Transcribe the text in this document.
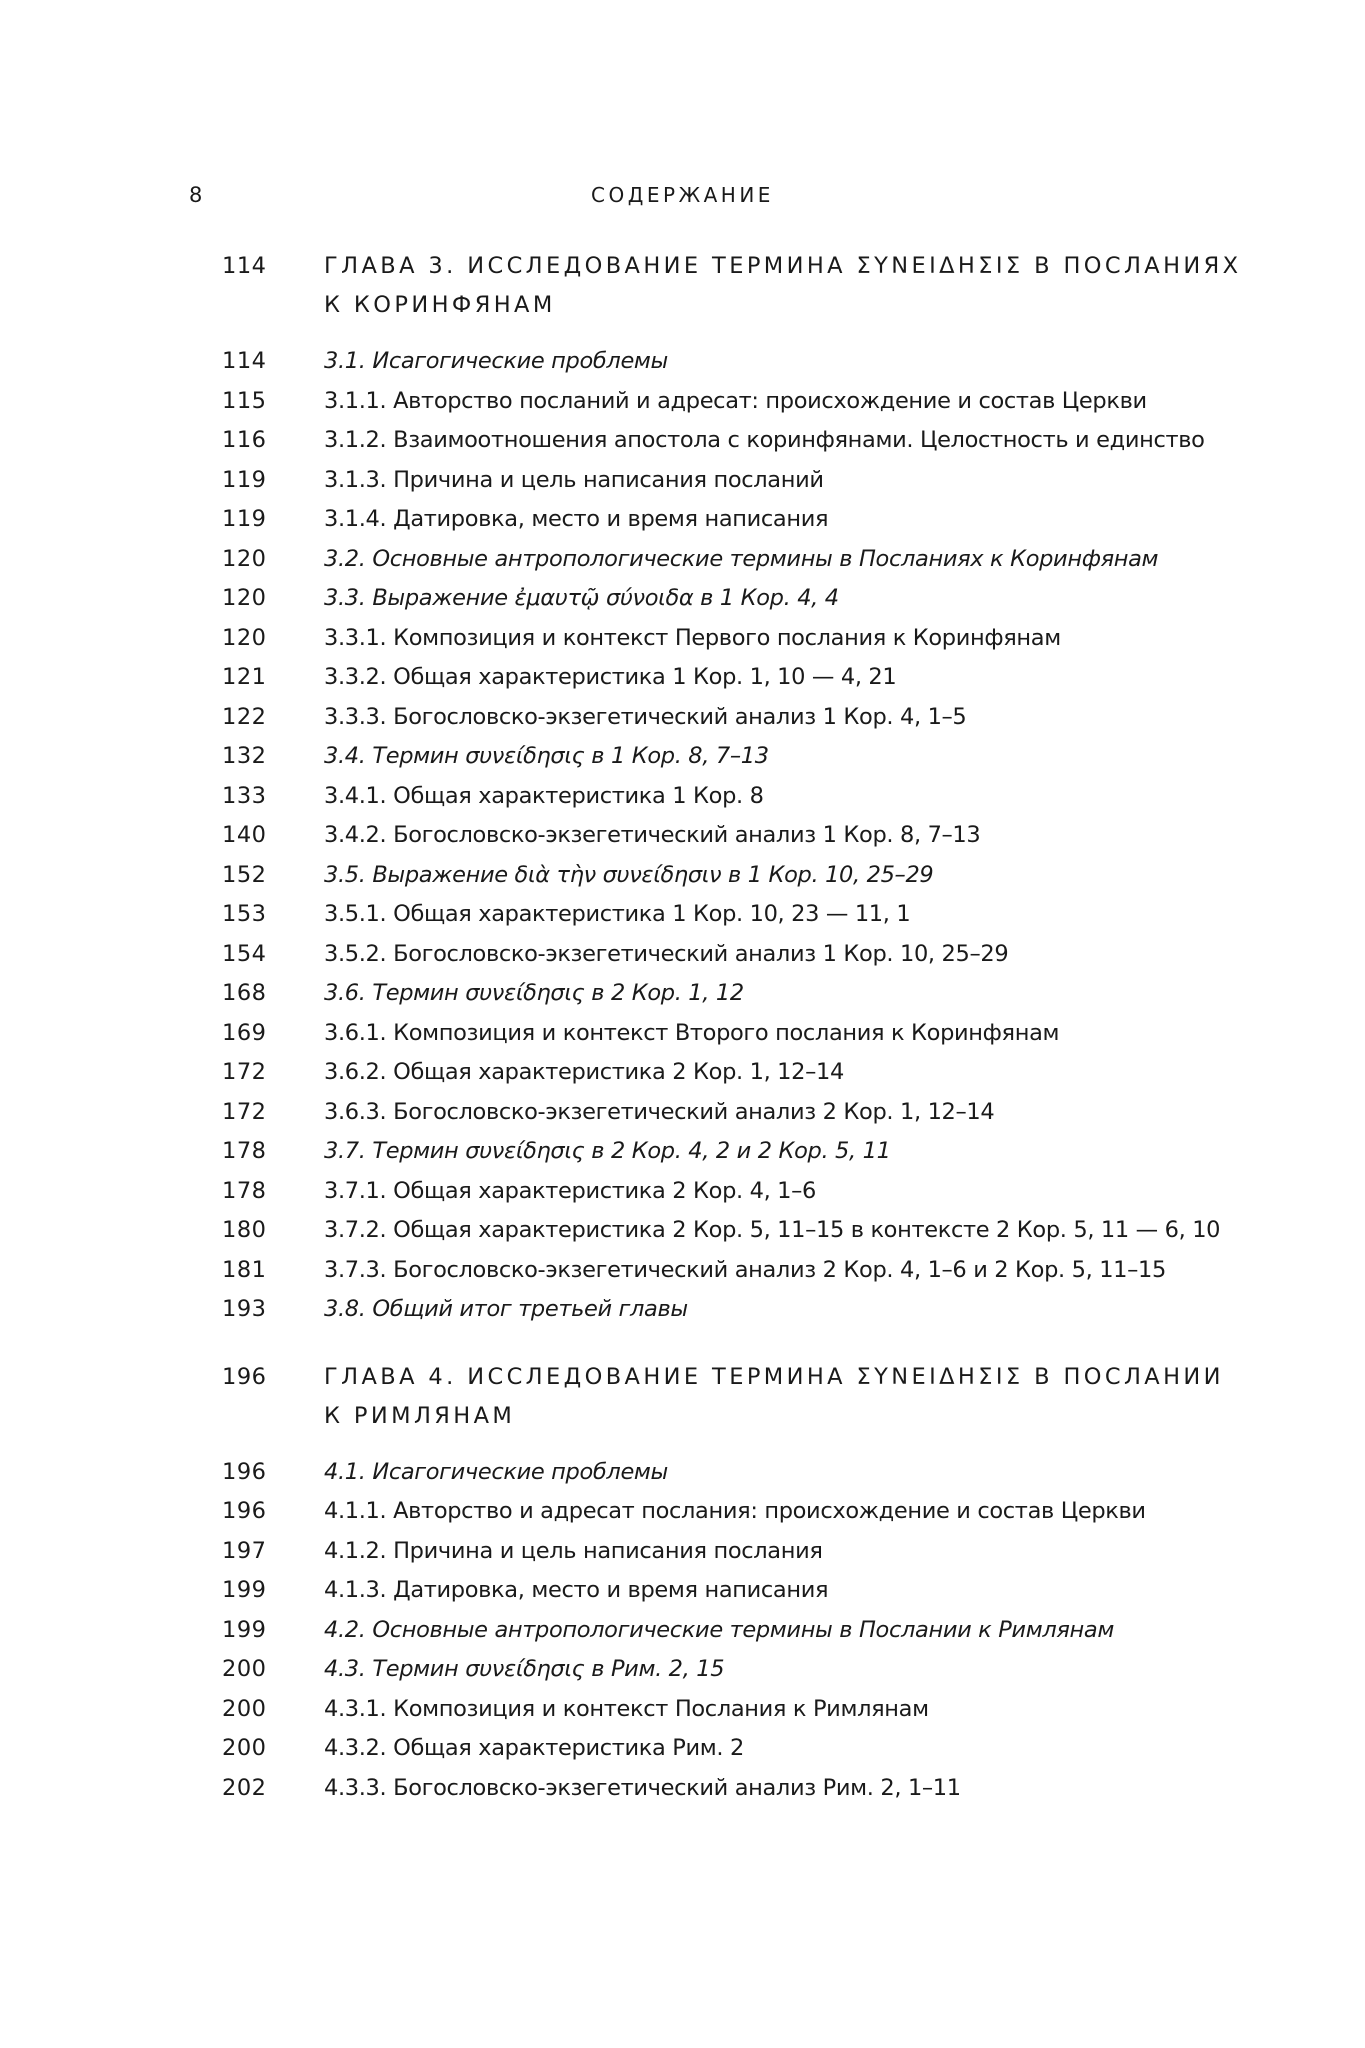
8	СОДЕРЖАНИЕ
114	ГЛАВА 3. ИССЛЕДОВАНИЕ ТЕРМИНА ΣΥΝΕΙΔΗΣΙΣ В ПОСЛАНИЯХ
К КОРИНФЯНАМ
114	3.1. Исагогические проблемы
115	3.1.1. Авторство посланий и адресат: происхождение и состав Церкви
116	3.1.2. Взаимоотношения апостола с коринфянами. Целостность и единство
119	3.1.3. Причина и цель написания посланий
119	3.1.4. Датировка, место и время написания
120	3.2. Основные антропологические термины в Посланиях к Коринфянам
120	3.3. Выражение ἐμαυτῷ σύνοιδα в 1 Кор. 4, 4
120	3.3.1. Композиция и контекст Первого послания к Коринфянам
121	3.3.2. Общая характеристика 1 Кор. 1, 10 — 4, 21
122	3.3.3. Богословско-экзегетический анализ 1 Кор. 4, 1–5
132	3.4. Термин συνείδησις в 1 Кор. 8, 7–13
133	3.4.1. Общая характеристика 1 Кор. 8
140	3.4.2. Богословско-экзегетический анализ 1 Кор. 8, 7–13
152	3.5. Выражение διὰ τὴν συνείδησιν в 1 Кор. 10, 25–29
153	3.5.1. Общая характеристика 1 Кор. 10, 23 — 11, 1
154	3.5.2. Богословско-экзегетический анализ 1 Кор. 10, 25–29
168	3.6. Термин συνείδησις в 2 Кор. 1, 12
169	3.6.1. Композиция и контекст Второго послания к Коринфянам
172	3.6.2. Общая характеристика 2 Кор. 1, 12–14
172	3.6.3. Богословско-экзегетический анализ 2 Кор. 1, 12–14
178	3.7. Термин συνείδησις в 2 Кор. 4, 2 и 2 Кор. 5, 11
178	3.7.1. Общая характеристика 2 Кор. 4, 1–6
180	3.7.2. Общая характеристика 2 Кор. 5, 11–15 в контексте 2 Кор. 5, 11 — 6, 10
181	3.7.3. Богословско-экзегетический анализ 2 Кор. 4, 1–6 и 2 Кор. 5, 11–15
193	3.8. Общий итог третьей главы
196	ГЛАВА 4. ИССЛЕДОВАНИЕ ТЕРМИНА ΣΥΝΕΙΔΗΣΙΣ В ПОСЛАНИИ
К РИМЛЯНАМ
196	4.1. Исагогические проблемы
196	4.1.1. Авторство и адресат послания: происхождение и состав Церкви
197	4.1.2. Причина и цель написания послания
199	4.1.3. Датировка, место и время написания
199	4.2. Основные антропологические термины в Послании к Римлянам
200	4.3. Термин συνείδησις в Рим. 2, 15
200	4.3.1. Композиция и контекст Послания к Римлянам
200	4.3.2. Общая характеристика Рим. 2
202	4.3.3. Богословско-экзегетический анализ Рим. 2, 1–11
